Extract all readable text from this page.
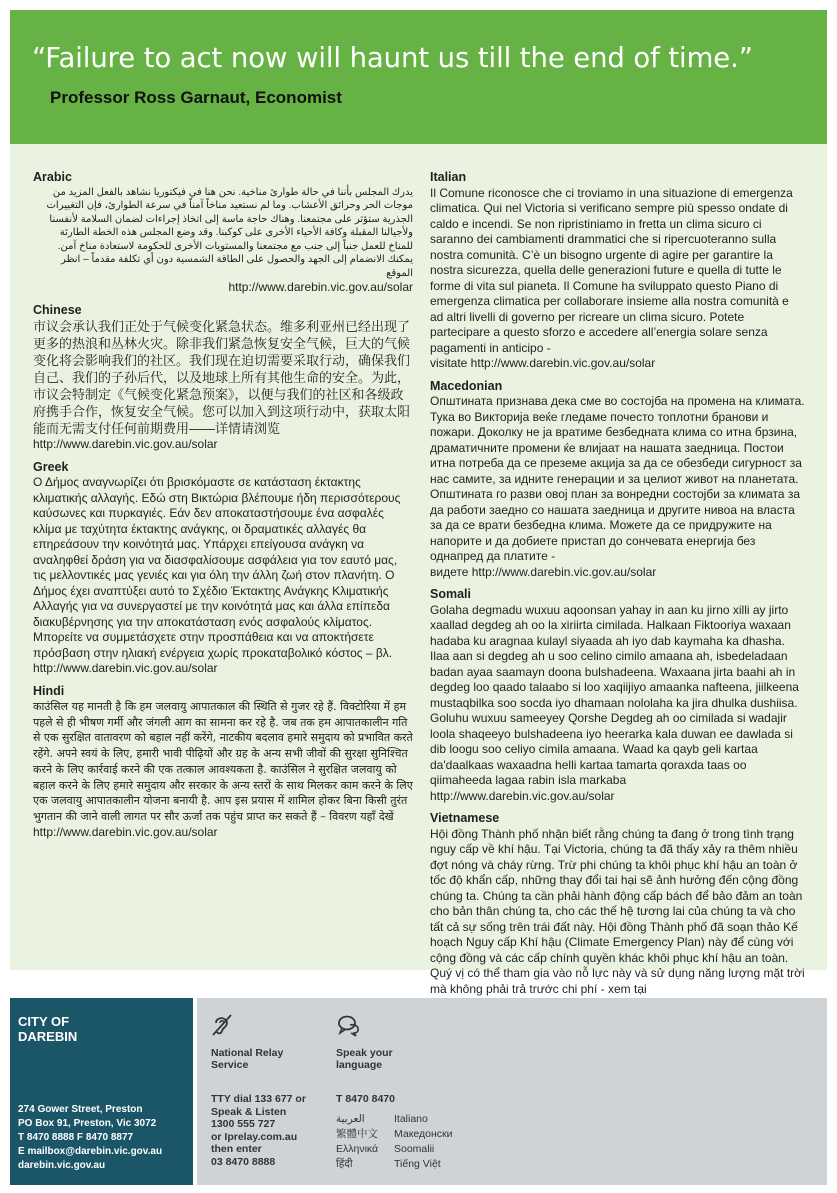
“Failure to act now will haunt us till the end of time.”
Professor Ross Garnaut, Economist
Arabic

يدرك المجلس بأننا في حالة طوارئ مناخية. نحن هنا في فيكتوريا نشاهد بالفعل المزيد من موجات الحر وحرائق الأعشاب. وما لم نستعيد مناخاً آمناً في سرعة الطوارئ، فإن التغييرات الجذرية ستؤثر على مجتمعنا. وهناك حاجة ماسة إلى اتخاذ إجراءات لضمان السلامة لأنفسنا ولأجيالنا المقبلة وكافة الأحياء الأخرى على كوكبنا. وقد وضع المجلس هذه الخطة الطارئة للمناخ للعمل جنباً إلى جنب مع مجتمعنا والمستويات الأخرى للحكومة لاستعادة مناخ آمن. يمكنك الانضمام إلى الجهد والحصول على الطاقة الشمسية دون أي تكلفة مقدماً – انظر الموقع

http://www.darebin.vic.gov.au/solar

Chinese

市议会承认我们正处于气候变化紧急状态。维多利亚州已经出现了更多的热浪和丛林火灾。除非我们紧急恢复安全气候，巨大的气候变化将会影响我们的社区。我们现在迫切需要采取行动，确保我们自己、我们的子孙后代，以及地球上所有其他生命的安全。为此，市议会特制定《气候变化紧急预案》，以便与我们的社区和各级政府携手合作，恢复安全气候。您可以加入到这项行动中，获取太阳能而无需支付任何前期费用——详情请浏览

http://www.darebin.vic.gov.au/solar

Greek

Ο Δήμος αναγνωρίζει ότι βρισκόμαστε σε κατάσταση έκτακτης κλιματικής αλλαγής. Εδώ στη Βικτώρια βλέπουμε ήδη περισσότερους καύσωνες και πυρκαγιές. Εάν δεν αποκαταστήσουμε ένα ασφαλές κλίμα με ταχύτητα έκτακτης ανάγκης, οι δραματικές αλλαγές θα επηρεάσουν την κοινότητά μας. Υπάρχει επείγουσα ανάγκη να αναληφθεί δράση για να διασφαλίσουμε ασφάλεια για τον εαυτό μας, τις μελλοντικές μας γενιές και για όλη την άλλη ζωή στον πλανήτη. Ο Δήμος έχει αναπτύξει αυτό το Σχέδιο Έκτακτης Ανάγκης Κλιματικής Αλλαγής για να συνεργαστεί με την κοινότητά μας και άλλα επίπεδα διακυβέρνησης για την αποκατάσταση ενός ασφαλούς κλίματος. Μπορείτε να συμμετάσχετε στην προσπάθεια και να αποκτήσετε πρόσβαση στην ηλιακή ενέργεια χωρίς προκαταβολικό κόστος – βλ.

http://www.darebin.vic.gov.au/solar

Hindi

काउंसिल यह मानती है कि हम जलवायु आपातकाल की स्थिति से गुजर रहे हैं. विक्टोरिया में हम पहले से ही भीषण गर्मी और जंगली आग का सामना कर रहे है. जब तक हम आपातकालीन गति से एक सुरक्षित वातावरण को बहाल नहीं करेंगे, नाटकीय बदलाव हमारे समुदाय को प्रभावित करते रहेंगे. अपने स्वयं के लिए, हमारी भावी पीढ़ियों और ग्रह के अन्य सभी जीवों की सुरक्षा सुनिश्चित करने के लिए कार्रवाई करने की एक तत्काल आवश्यकता है. काउंसिल ने सुरक्षित जलवायु को बहाल करने के लिए हमारे समुदाय और सरकार के अन्य स्तरों के साथ मिलकर काम करने के लिए एक जलवायु आपातकालीन योजना बनायी है. आप इस प्रयास में शामिल होकर बिना किसी तुरंत भुगतान की जाने वाली लागत पर सौर ऊर्जा तक पहुंच प्राप्त कर सकते हैं – विवरण यहाँ देखें

http://www.darebin.vic.gov.au/solar

Italian

Il Comune riconosce che ci troviamo in una situazione di emergenza climatica. Qui nel Victoria si verificano sempre più spesso ondate di caldo e incendi. Se non ripristiniamo in fretta un clima sicuro ci saranno dei cambiamenti drammatici che si ripercuoteranno sulla nostra comunità. C’è un bisogno urgente di agire per garantire la nostra sicurezza, quella delle generazioni future e quella di tutte le forme di vita sul pianeta. Il Comune ha sviluppato questo Piano di emergenza climatica per collaborare insieme alla nostra comunità e ad altri livelli di governo per ricreare un clima sicuro. Potete partecipare a questo sforzo e accedere all’energia solare senza pagamenti in anticipo -

visitate http://www.darebin.vic.gov.au/solar

Macedonian

Општината признава дека сме во состојба на промена на климата. Тука во Викторија веќе гледаме почесто топлотни бранови и пожари. Доколку не ја вратиме безбедната клима со итна брзина, драматичните промени ќе влијаат на нашата заедница. Постои итна потреба да се преземе акција за да се обезбеди сигурност за нас самите, за идните генерации и за целиот живот на планетата. Општината го разви овој план за вонредни состојби за климата за да работи заедно со нашата заедница и другите нивоа на власта за да се врати безбедна клима. Можете да се придружите на напорите и да добиете пристап до сончевата енергија без однапред да платите -

видете http://www.darebin.vic.gov.au/solar

Somali

Golaha degmadu wuxuu aqoonsan yahay in aan ku jirno xilli ay jirto xaallad degdeg ah oo la xiriirta cimilada. Halkaan Fiktooriya waxaan hadaba ku aragnaa kulayl siyaada ah iyo dab kaymaha ka dhasha. Ilaa aan si degdeg ah u soo celino cimilo amaana ah, isbedeladaan badan ayaa saamayn doona bulshadeena. Waxaana jirta baahi ah in degdeg loo qaado talaabo si loo xaqiijiyo amaanka nafteena, jiilkeena mustaqbilka soo socda iyo dhamaan nololaha ka jira dhulka dushiisa. Goluhu wuxuu sameeyey Qorshe Degdeg ah oo cimilada si wadajir loola shaqeeyo bulshadeena iyo heerarka kala duwan ee dawlada si dib loogu soo celiyo cimila amaana. Waad ka qayb geli kartaa da'daalkaas waxaadna helli kartaa tamarta qoraxda taas oo qiimaheeda lagaa rabin isla markaba

http://www.darebin.vic.gov.au/solar

Vietnamese

Hội đồng Thành phố nhận biết rằng chúng ta đang ở trong tình trạng nguy cấp về khí hậu. Tại Victoria, chúng ta đã thấy xảy ra thêm nhiều đợt nóng và cháy rừng. Trừ phi chúng ta khôi phục khí hậu an toàn ở tốc độ khẩn cấp, những thay đổi tai hại sẽ ảnh hưởng đến cộng đồng chúng ta. Chúng ta cần phải hành động cấp bách để bảo đảm an toàn cho bản thân chúng ta, cho các thế hệ tương lai của chúng ta và cho tất cả sự sống trên trái đất này. Hội đồng Thành phố đã soạn thảo Kế hoạch Nguy cấp Khí hậu (Climate Emergency Plan) này để cùng với cộng đồng và các cấp chính quyền khác khôi phục khí hậu an toàn. Quý vị có thể tham gia vào nỗ lực này và sử dụng năng lượng mặt trời mà không phải trả trước chi phí - xem tại

CITY OF DAREBIN
274 Gower Street, Preston
PO Box 91, Preston, Vic 3072
T 8470 8888 F 8470 8877
E mailbox@darebin.vic.gov.au
darebin.vic.gov.au
National Relay Service
TTY dial 133 677 or
Speak & Listen
1300 555 727
or Iprelay.com.au
then enter
03 8470 8888
Speak your language
T 8470 8470
العربية	Italiano
繁體中文	Македонски
Ελληνικά	Soomalii
हिंदी	Tiếng Việt
